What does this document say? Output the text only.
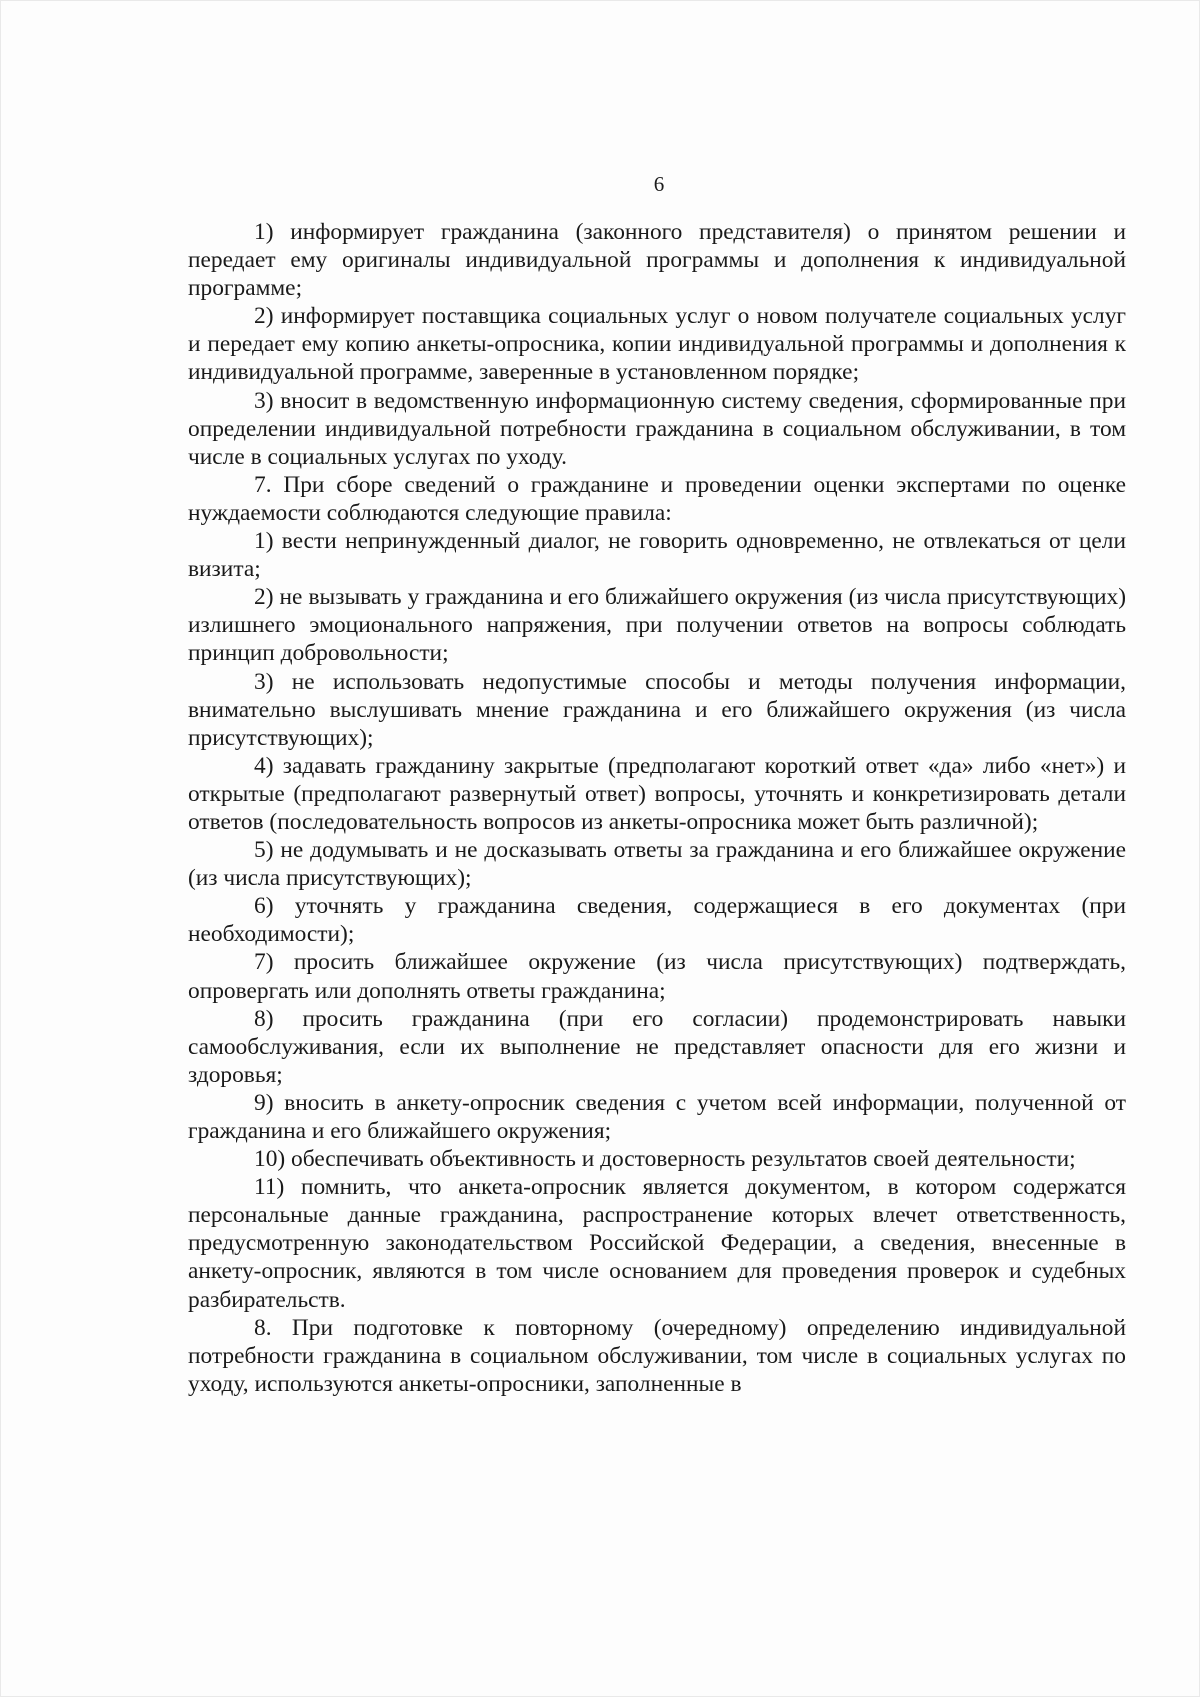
6

1) информирует гражданина (законного представителя) о принятом решении и передает ему оригиналы индивидуальной программы и дополнения к индивидуальной программе;

2) информирует поставщика социальных услуг о новом получателе социальных услуг и передает ему копию анкеты-опросника, копии индивидуальной программы и дополнения к индивидуальной программе, заверенные в установленном порядке;

3) вносит в ведомственную информационную систему сведения, сформированные при определении индивидуальной потребности гражданина в социальном обслуживании, в том числе в социальных услугах по уходу.

7. При сборе сведений о гражданине и проведении оценки экспертами по оценке нуждаемости соблюдаются следующие правила:

1) вести непринужденный диалог, не говорить одновременно, не отвлекаться от цели визита;

2) не вызывать у гражданина и его ближайшего окружения (из числа присутствующих) излишнего эмоционального напряжения, при получении ответов на вопросы соблюдать принцип добровольности;

3) не использовать недопустимые способы и методы получения информации, внимательно выслушивать мнение гражданина и его ближайшего окружения (из числа присутствующих);

4) задавать гражданину закрытые (предполагают короткий ответ «да» либо «нет») и открытые (предполагают развернутый ответ) вопросы, уточнять и конкретизировать детали ответов (последовательность вопросов из анкеты-опросника может быть различной);

5) не додумывать и не досказывать ответы за гражданина и его ближайшее окружение (из числа присутствующих);

6) уточнять у гражданина сведения, содержащиеся в его документах (при необходимости);

7) просить ближайшее окружение (из числа присутствующих) подтверждать, опровергать или дополнять ответы гражданина;

8) просить гражданина (при его согласии) продемонстрировать навыки самообслуживания, если их выполнение не представляет опасности для его жизни и здоровья;

9) вносить в анкету-опросник сведения с учетом всей информации, полученной от гражданина и его ближайшего окружения;

10) обеспечивать объективность и достоверность результатов своей деятельности;

11) помнить, что анкета-опросник является документом, в котором содержатся персональные данные гражданина, распространение которых влечет ответственность, предусмотренную законодательством Российской Федерации, а сведения, внесенные в анкету-опросник, являются в том числе основанием для проведения проверок и судебных разбирательств.

8. При подготовке к повторному (очередному) определению индивидуальной потребности гражданина в социальном обслуживании, том числе в социальных услугах по уходу, используются анкеты-опросники, заполненные в
